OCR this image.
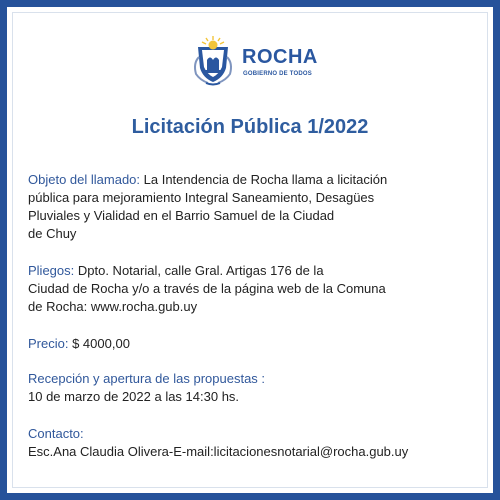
ROCHA
GOBIERNO DE TODOS
Licitación Pública 1/2022
Objeto del llamado: La Intendencia de Rocha llama a licitación
pública para mejoramiento Integral Saneamiento, Desagües
Pluviales y Vialidad en el Barrio Samuel de la Ciudad
de Chuy
Pliegos: Dpto. Notarial, calle Gral. Artigas 176 de la
Ciudad de Rocha y/o a través de la página web de la Comuna
de Rocha: www.rocha.gub.uy
Precio: $ 4000,00
Recepción y apertura de las propuestas :
10 de marzo de 2022 a las 14:30 hs.
Contacto:
Esc.Ana Claudia Olivera-E-mail:licitacionesnotarial@rocha.gub.uy
